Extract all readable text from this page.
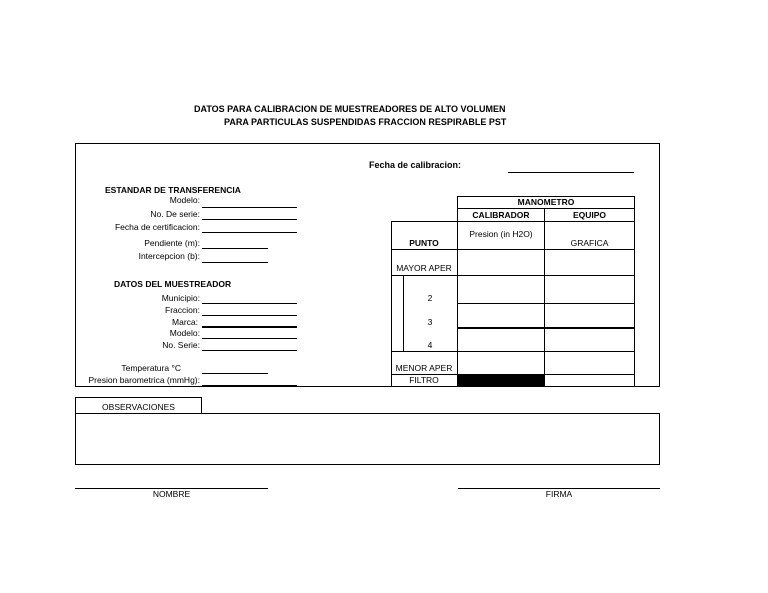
DATOS PARA CALIBRACION DE MUESTREADORES DE ALTO VOLUMEN
PARA PARTICULAS SUSPENDIDAS FRACCION RESPIRABLE PST
Fecha de calibracion:
ESTANDAR DE TRANSFERENCIA
Modelo:
No. De serie:
Fecha de certificacion:
Pendiente (m):
Intercepcion (b):
DATOS DEL MUESTREADOR
Municipio:
Fraccion:
Marca:
Modelo:
No. Serie:
Temperatura °C
Presion barometrica (mmHg):
MANOMETRO
CALIBRADOR	EQUIPO
PUNTO
Presion (in H2O)
GRAFICA
MAYOR APER
2
3
4
MENOR APER
FILTRO
OBSERVACIONES
NOMBRE	FIRMA
